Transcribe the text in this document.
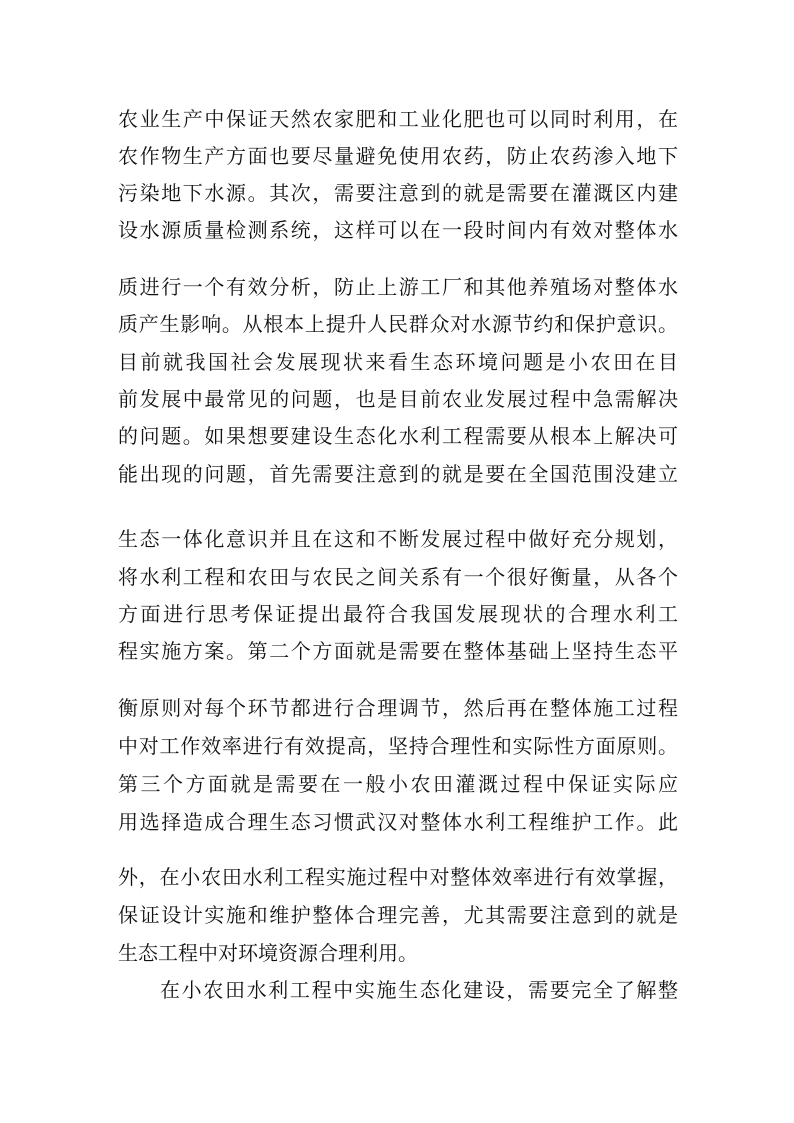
农业生产中保证天然农家肥和工业化肥也可以同时利用，在
农作物生产方面也要尽量避免使用农药，防止农药渗入地下
污染地下水源。其次，需要注意到的就是需要在灌溉区内建
设水源质量检测系统，这样可以在一段时间内有效对整体水
质进行一个有效分析，防止上游工厂和其他养殖场对整体水
质产生影响。从根本上提升人民群众对水源节约和保护意识。
目前就我国社会发展现状来看生态环境问题是小农田在目
前发展中最常见的问题，也是目前农业发展过程中急需解决
的问题。如果想要建设生态化水利工程需要从根本上解决可
能出现的问题，首先需要注意到的就是要在全国范围没建立
生态一体化意识并且在这和不断发展过程中做好充分规划，
将水利工程和农田与农民之间关系有一个很好衡量，从各个
方面进行思考保证提出最符合我国发展现状的合理水利工
程实施方案。第二个方面就是需要在整体基础上坚持生态平
衡原则对每个环节都进行合理调节，然后再在整体施工过程
中对工作效率进行有效提高，坚持合理性和实际性方面原则。
第三个方面就是需要在一般小农田灌溉过程中保证实际应
用选择造成合理生态习惯武汉对整体水利工程维护工作。此
外，在小农田水利工程实施过程中对整体效率进行有效掌握，
保证设计实施和维护整体合理完善，尤其需要注意到的就是
生态工程中对环境资源合理利用。
在小农田水利工程中实施生态化建设，需要完全了解整
